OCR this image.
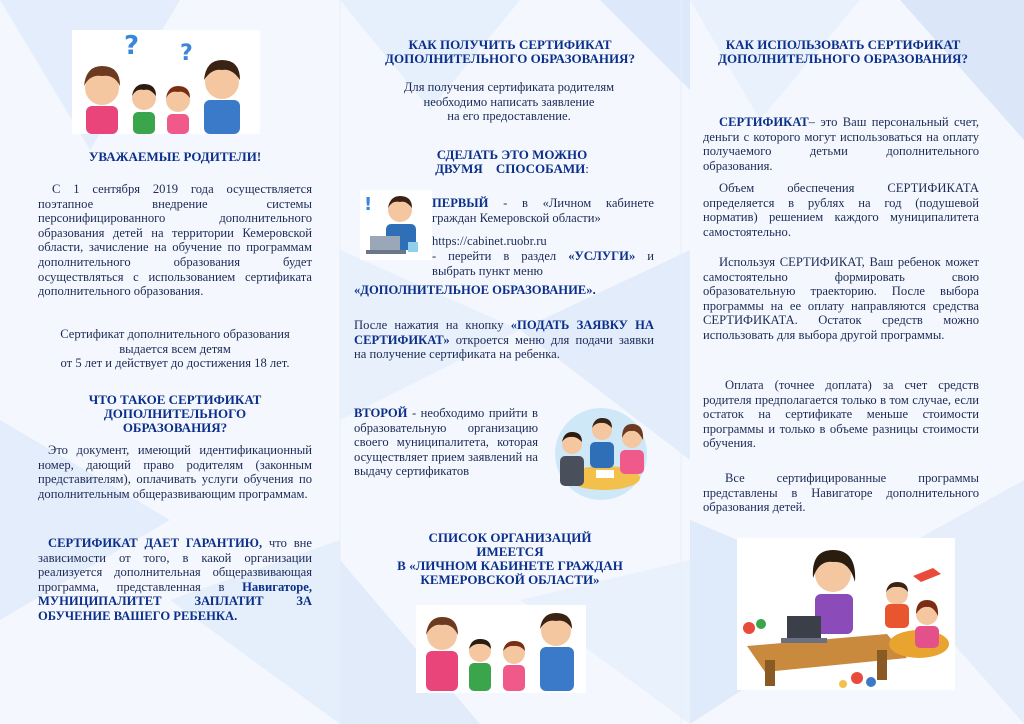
? ?
УВАЖАЕМЫЕ РОДИТЕЛИ!

С 1 сентября 2019 года осуществляется поэтапное внедрение системы персонифицированного дополнительного образования детей на территории Кемеровской области, зачисление на обучение по программам дополнительного образования будет осуществляться с использованием сертификата дополнительного образования.

Сертификат дополнительного образования

выдается всем детям

от 5 лет и действует до достижения 18 лет.

ЧТО ТАКОЕ СЕРТИФИКАТ ДОПОЛНИТЕЛЬНОГО ОБРАЗОВАНИЯ?

Это документ, имеющий идентификационный номер, дающий право родителям (законным представителям), оплачивать услуги обучения по дополнительным общеразвивающим программам.

СЕРТИФИКАТ ДАЕТ ГАРАНТИЮ, что вне зависимости от того, в какой организации реализуется дополнительная общеразвивающая программа, представленная в Навигаторе, МУНИЦИПАЛИТЕТ ЗАПЛАТИТ ЗА ОБУЧЕНИЕ ВАШЕГО РЕБЕНКА.

КАК ПОЛУЧИТЬ СЕРТИФИКАТ ДОПОЛНИТЕЛЬНОГО ОБРАЗОВАНИЯ?

Для получения сертификата родителям

необходимо написать заявление

на его предоставление.

СДЕЛАТЬ ЭТО МОЖНО
ДВУМЯ    СПОСОБАМИ:
!	ПЕРВЫЙ - в «Личном кабинете граждан Кемеровской области»

https://cabinet.ruobr.ru

- перейти в раздел «УСЛУГИ» и выбрать пункт меню

«ДОПОЛНИТЕЛЬНОЕ ОБРАЗОВАНИЕ».

После нажатия на кнопку «ПОДАТЬ ЗАЯВКУ НА СЕРТИФИКАТ» откроется меню для подачи заявки на получение сертификата на ребенка.

ВТОРОЙ - необходимо прийти в образовательную организацию своего муниципалитета, которая осуществляет прием заявлений на выдачу сертификатов

СПИСОК ОРГАНИЗАЦИЙ
ИМЕЕТСЯ
В «ЛИЧНОМ КАБИНЕТЕ ГРАЖДАН
КЕМЕРОВСКОЙ ОБЛАСТИ»
КАК ИСПОЛЬЗОВАТЬ СЕРТИФИКАТ ДОПОЛНИТЕЛЬНОГО ОБРАЗОВАНИЯ?

СЕРТИФИКАТ– это Ваш персональный счет, деньги с которого могут использоваться на оплату получаемого детьми дополнительного образования.

Объем обеспечения СЕРТИФИКАТА определяется в рублях на год (подушевой норматив) решением каждого муниципалитета самостоятельно.

Используя СЕРТИФИКАТ, Ваш ребенок может самостоятельно формировать свою образовательную траекторию. После выбора программы на ее оплату направляются средства СЕРТИФИКАТА. Остаток средств можно использовать для выбора другой программы.

Оплата (точнее доплата) за счет средств родителя предполагается только в том случае, если остаток на сертификате меньше стоимости программы и только в объеме разницы стоимости обучения.

Все сертифицированные программы представлены в Навигаторе дополнительного образования детей.
